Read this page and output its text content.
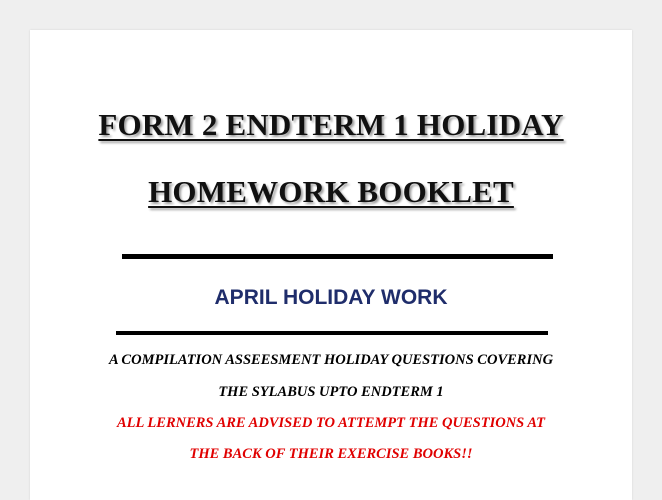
FORM 2 ENDTERM 1 HOLIDAY
HOMEWORK BOOKLET
APRIL HOLIDAY WORK
A COMPILATION ASSEESMENT HOLIDAY QUESTIONS COVERING
THE SYLABUS UPTO ENDTERM 1
ALL LERNERS ARE ADVISED TO ATTEMPT THE QUESTIONS AT
THE BACK OF THEIR EXERCISE BOOKS!!
